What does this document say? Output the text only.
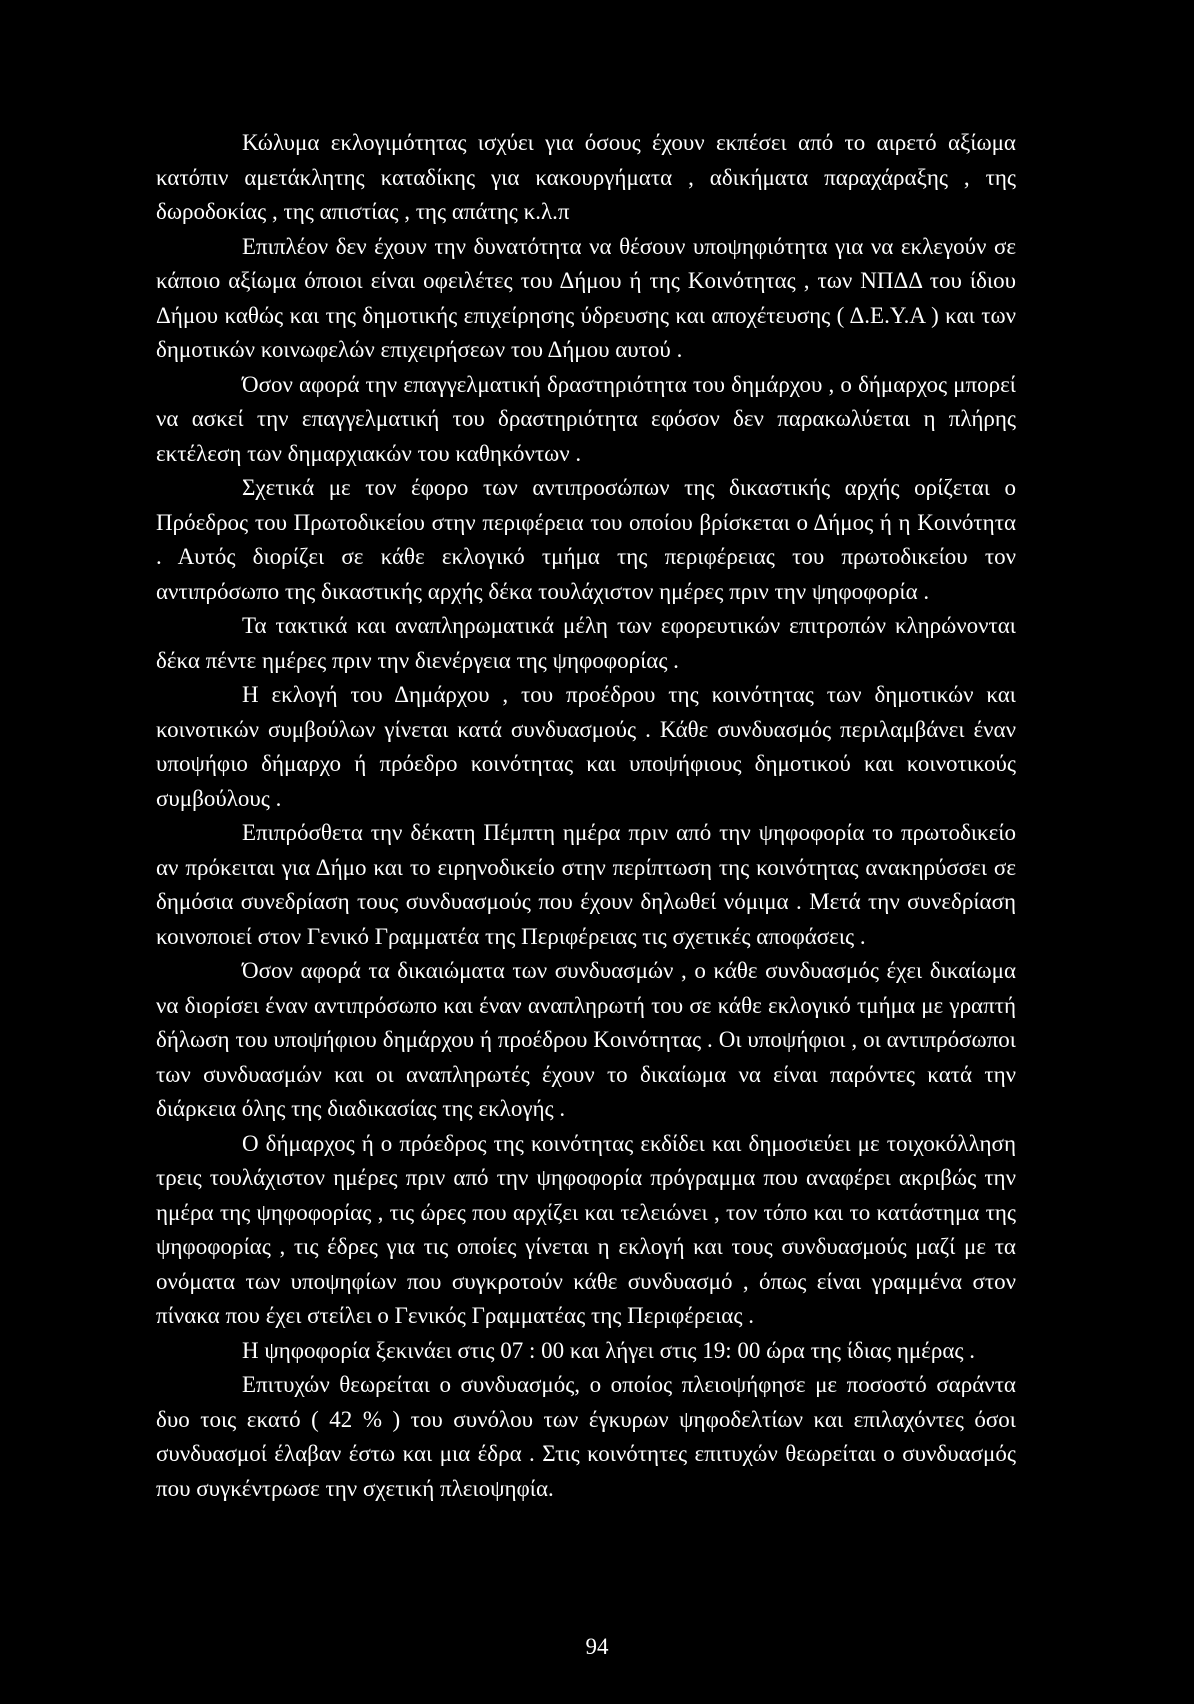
Κώλυμα εκλογιμότητας ισχύει για όσους έχουν εκπέσει από το αιρετό αξίωμα κατόπιν αμετάκλητης καταδίκης για κακουργήματα , αδικήματα παραχάραξης , της δωροδοκίας , της απιστίας , της απάτης κ.λ.π

Επιπλέον δεν έχουν την δυνατότητα να θέσουν υποψηφιότητα για να εκλεγούν σε κάποιο αξίωμα όποιοι είναι οφειλέτες του Δήμου ή της Κοινότητας , των ΝΠΔΔ του ίδιου Δήμου καθώς και της δημοτικής επιχείρησης ύδρευσης και αποχέτευσης ( Δ.Ε.Υ.Α ) και των δημοτικών κοινωφελών επιχειρήσεων του Δήμου αυτού .

Όσον αφορά την επαγγελματική δραστηριότητα του δημάρχου , ο δήμαρχος μπορεί να ασκεί την επαγγελματική του δραστηριότητα εφόσον δεν παρακωλύεται η πλήρης εκτέλεση των δημαρχιακών του καθηκόντων .

Σχετικά με τον έφορο των αντιπροσώπων της δικαστικής αρχής ορίζεται ο Πρόεδρος του Πρωτοδικείου στην περιφέρεια του οποίου βρίσκεται ο Δήμος ή η Κοινότητα . Αυτός διορίζει σε κάθε εκλογικό τμήμα της περιφέρειας του πρωτοδικείου τον αντιπρόσωπο της δικαστικής αρχής δέκα τουλάχιστον ημέρες πριν την ψηφοφορία .

Τα τακτικά και αναπληρωματικά μέλη των εφορευτικών επιτροπών κληρώνονται δέκα πέντε ημέρες πριν την διενέργεια της ψηφοφορίας .

Η εκλογή του Δημάρχου , του προέδρου της κοινότητας των δημοτικών και κοινοτικών συμβούλων γίνεται κατά συνδυασμούς . Κάθε συνδυασμός περιλαμβάνει έναν υποψήφιο δήμαρχο ή πρόεδρο κοινότητας και υποψήφιους δημοτικού και κοινοτικούς συμβούλους .

Επιπρόσθετα την δέκατη Πέμπτη ημέρα πριν από την ψηφοφορία το πρωτοδικείο αν πρόκειται για Δήμο και το ειρηνοδικείο στην περίπτωση της κοινότητας ανακηρύσσει σε δημόσια συνεδρίαση τους συνδυασμούς που έχουν δηλωθεί νόμιμα . Μετά την συνεδρίαση κοινοποιεί στον Γενικό Γραμματέα της Περιφέρειας τις σχετικές αποφάσεις .

Όσον αφορά τα δικαιώματα των συνδυασμών , ο κάθε συνδυασμός έχει δικαίωμα να διορίσει έναν αντιπρόσωπο και έναν αναπληρωτή του σε κάθε εκλογικό τμήμα με γραπτή δήλωση του υποψήφιου δημάρχου ή προέδρου Κοινότητας . Οι υποψήφιοι , οι αντιπρόσωποι των συνδυασμών και οι αναπληρωτές έχουν το δικαίωμα να είναι παρόντες κατά την διάρκεια όλης της διαδικασίας της εκλογής .

Ο δήμαρχος ή ο πρόεδρος της κοινότητας εκδίδει και δημοσιεύει με τοιχοκόλληση τρεις τουλάχιστον ημέρες πριν από την ψηφοφορία πρόγραμμα που αναφέρει ακριβώς την ημέρα της ψηφοφορίας , τις ώρες που αρχίζει και τελειώνει , τον τόπο και το κατάστημα της ψηφοφορίας , τις έδρες για τις οποίες γίνεται η εκλογή και τους συνδυασμούς μαζί με τα ονόματα των υποψηφίων που συγκροτούν κάθε συνδυασμό , όπως είναι γραμμένα στον πίνακα που έχει στείλει ο Γενικός Γραμματέας της Περιφέρειας .

Η ψηφοφορία ξεκινάει στις 07 : 00 και λήγει στις 19: 00 ώρα της ίδιας ημέρας .

Επιτυχών θεωρείται ο συνδυασμός, ο οποίος πλειοψήφησε με ποσοστό σαράντα δυο τοις εκατό ( 42 % ) του συνόλου των έγκυρων ψηφοδελτίων και επιλαχόντες όσοι συνδυασμοί έλαβαν έστω και μια έδρα . Στις κοινότητες επιτυχών θεωρείται ο συνδυασμός που συγκέντρωσε την σχετική πλειοψηφία.

94
